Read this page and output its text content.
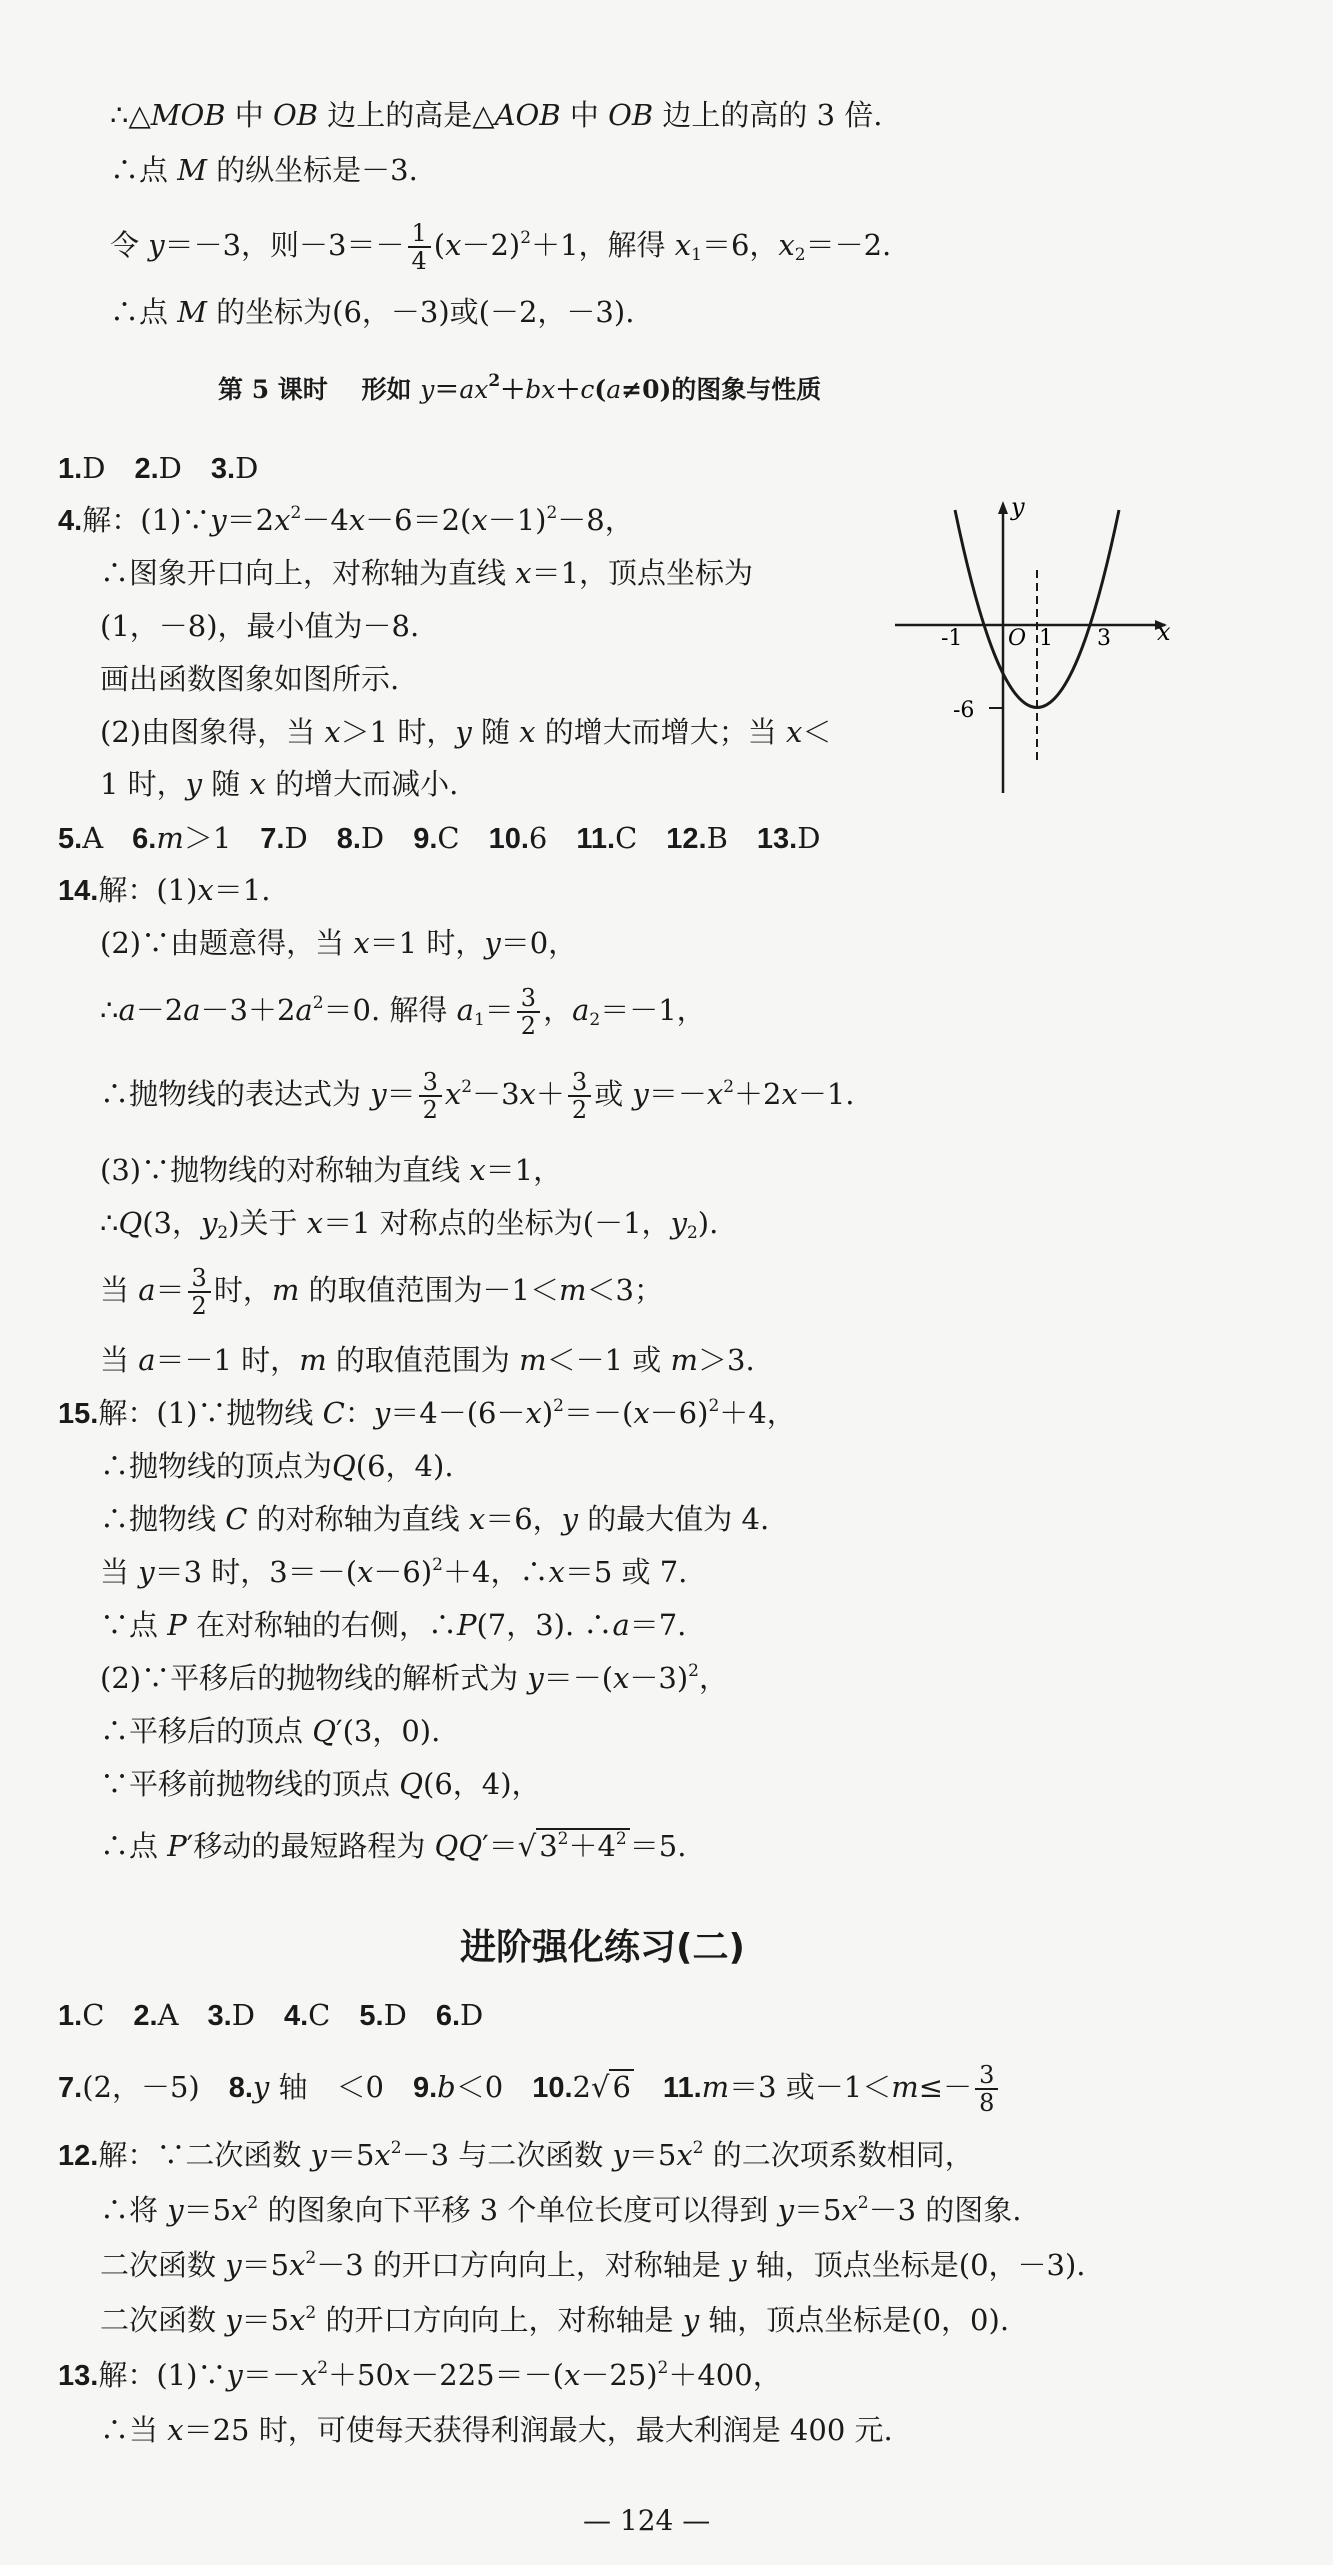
∴△MOB 中 OB 边上的高是△AOB 中 OB 边上的高的 3 倍.
∴点 M 的纵坐标是－3.
令 y＝－3，则$-3=- \frac{1}{4} (x-2)^2+1$，解得 $x_1=6$，$x_2=-2$.
∴点 M 的坐标为(6，－3)或(－2，－3).
第 5 课时　 形如 $y=ax^2+bx+c(a\ne 0)$的图象与性质
1.D　2.D　3.D
4.解：$(1)\because y=2x^2-4x-6=2(x-1)^2-8$，
∴图象开口向上，对称轴为直线 x＝1，顶点坐标为
(1，－8)，最小值为－8.
画出函数图象如图所示.
(2)由图象得，当 x＞1 时，y 随 x 的增大而增大；当 x＜
1 时，y 随 x 的增大而减小.
y
x
O
-1	1 3
-6
5.A　6.m＞1　7.D　8.D　9.C　10.6　11.C　12.B　13.D
14.解：(1)x＝1.
(2)∵由题意得，当 x＝1 时，y＝0，
$\therefore a-2a-3+2a^2=0$. 解得 $a_1= \frac{3}{2}$ ，$a_2=-1$，
∴抛物线的表达式为 $y= \frac{3}{2} x^2-3x+ \frac{3}{2}$ 或 $y=-x^2+2x-1$.
(3)∵抛物线的对称轴为直线 x＝1，
∴Q(3，$y_2$)关于 x＝1 对称点的坐标为(－1，$y_2$).
当 $a= \frac{3}{2}$ 时，m 的取值范围为－1＜m＜3；
当 a＝－1 时，m 的取值范围为 m＜－1 或 m＞3.
15.解：(1)∵抛物线 C：$y=4-(6-x)^2=-(x-6)^2+4$，
∴抛物线的顶点为Q(6，4).
∴抛物线 C 的对称轴为直线 x＝6，y 的最大值为 4.
当 y＝3 时，$3=-(x-6)^2+4$，∴x＝5 或 7.
∵点 P 在对称轴的右侧，∴P(7，3). ∴a＝7.
(2)∵平移后的抛物线的解析式为 $y=-(x-3)^2$，
∴平移后的顶点 Q′(3，0).
∵平移前抛物线的顶点 Q(6，4)，
∴点 P′移动的最短路程为 QQ′＝√ $3^2+4^2 =5$.
进阶强化练习(二)
1.C　2.A　3.D　4.C　5.D　6.D
7.(2，－5)　8.y 轴　＜0　9.b＜0　10.2√ 6　 11.m＝3 或$-1<m\le- \frac{3}{8}$
12.解：∵二次函数 $y=5x^2-3$ 与二次函数 $y=5x^2$ 的二次项系数相同，
∴将 $y=5x^2$ 的图象向下平移 3 个单位长度可以得到 $y=5x^2-3$ 的图象.
二次函数 $y=5x^2-3$ 的开口方向向上，对称轴是 y 轴，顶点坐标是(0，－3).
二次函数 $y=5x^2$ 的开口方向向上，对称轴是 y 轴，顶点坐标是(0，0).
13.解：$(1)\because y=-x^2+50x-225=-(x-25)^2+400$，
∴当 x＝25 时，可使每天获得利润最大，最大利润是 400 元.
— 124 —
